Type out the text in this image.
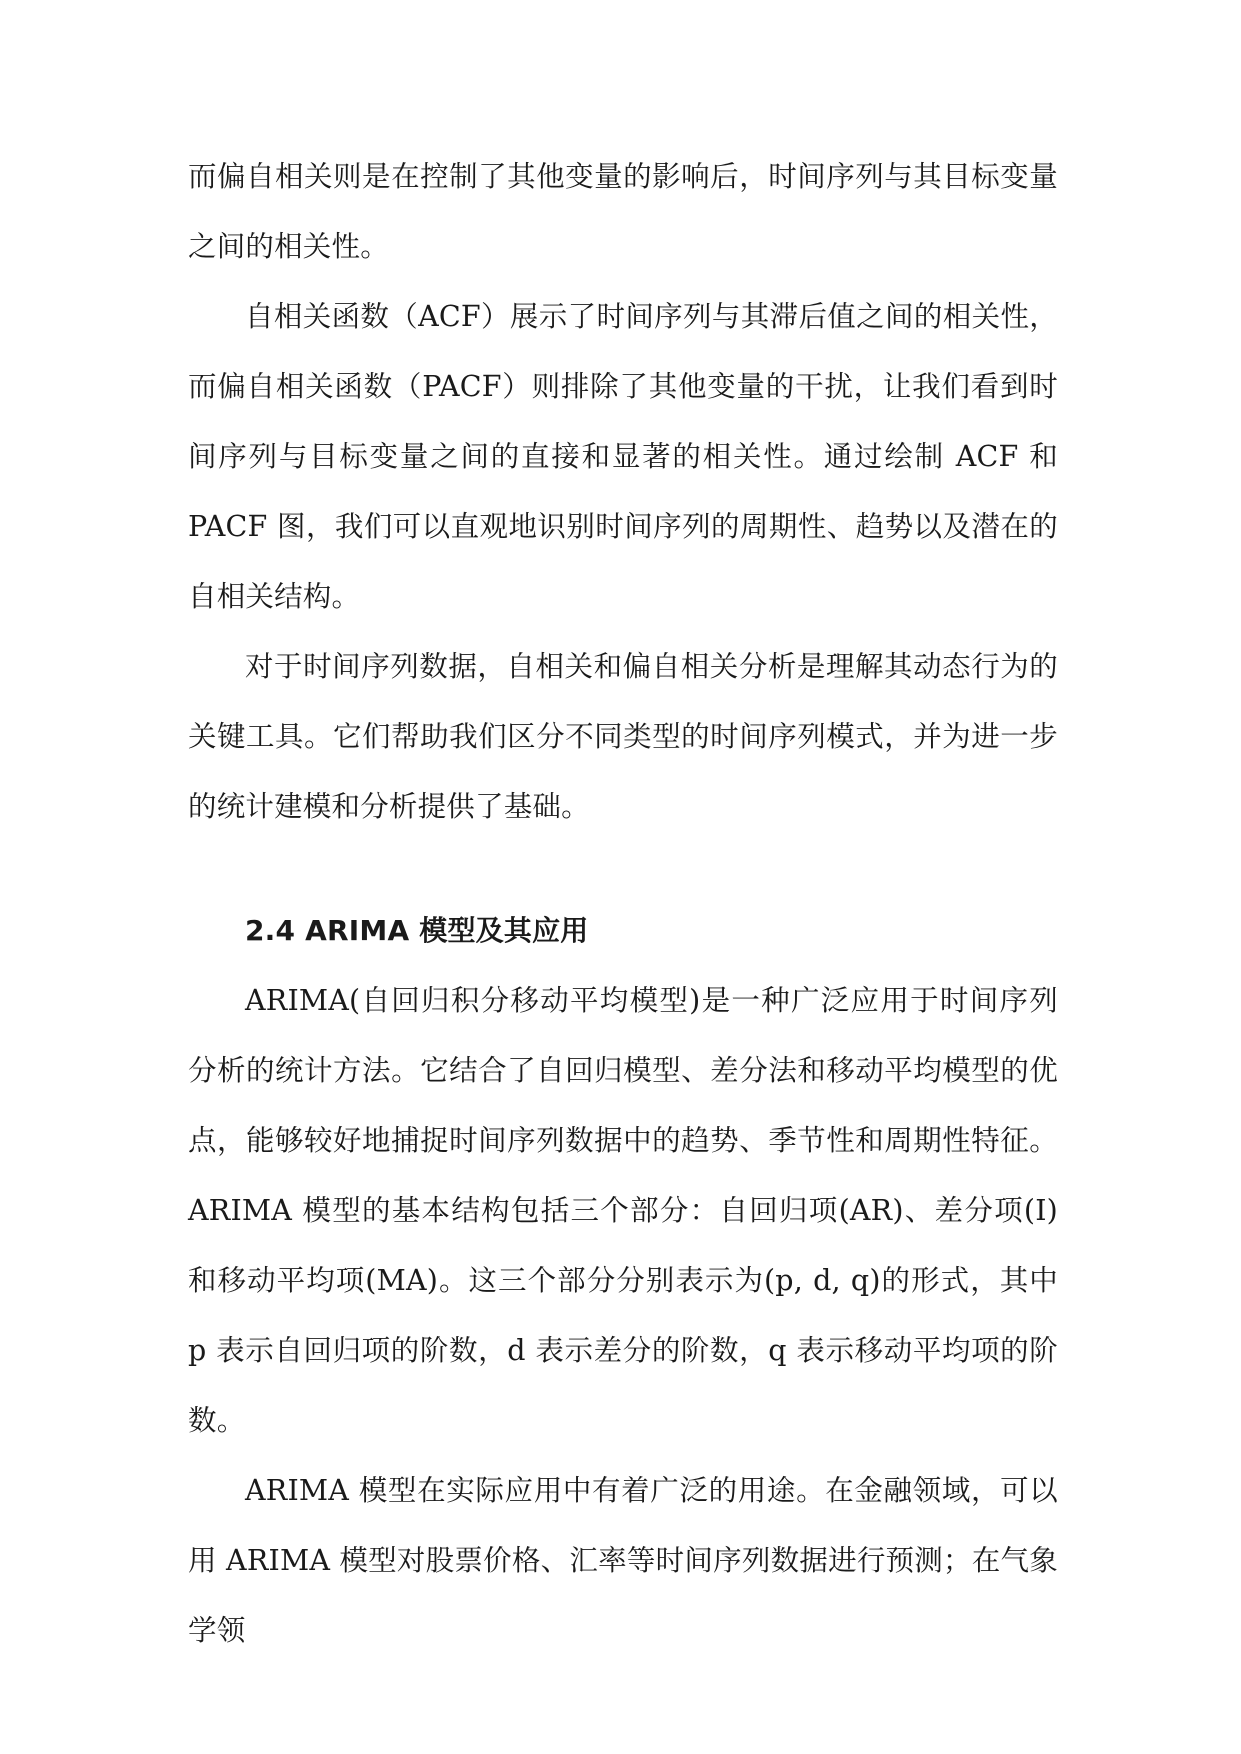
而偏自相关则是在控制了其他变量的影响后，时间序列与其目标变量之间的相关性。

自相关函数（ACF）展示了时间序列与其滞后值之间的相关性，而偏自相关函数（PACF）则排除了其他变量的干扰，让我们看到时间序列与目标变量之间的直接和显著的相关性。通过绘制 ACF 和 PACF 图，我们可以直观地识别时间序列的周期性、趋势以及潜在的自相关结构。

对于时间序列数据，自相关和偏自相关分析是理解其动态行为的关键工具。它们帮助我们区分不同类型的时间序列模式，并为进一步的统计建模和分析提供了基础。

2.4 ARIMA 模型及其应用

ARIMA(自回归积分移动平均模型)是一种广泛应用于时间序列分析的统计方法。它结合了自回归模型、差分法和移动平均模型的优点，能够较好地捕捉时间序列数据中的趋势、季节性和周期性特征。ARIMA 模型的基本结构包括三个部分：自回归项(AR)、差分项(I)和移动平均项(MA)。这三个部分分别表示为(p, d, q)的形式，其中 p 表示自回归项的阶数，d 表示差分的阶数，q 表示移动平均项的阶数。

ARIMA 模型在实际应用中有着广泛的用途。在金融领域，可以用 ARIMA 模型对股票价格、汇率等时间序列数据进行预测；在气象学领
